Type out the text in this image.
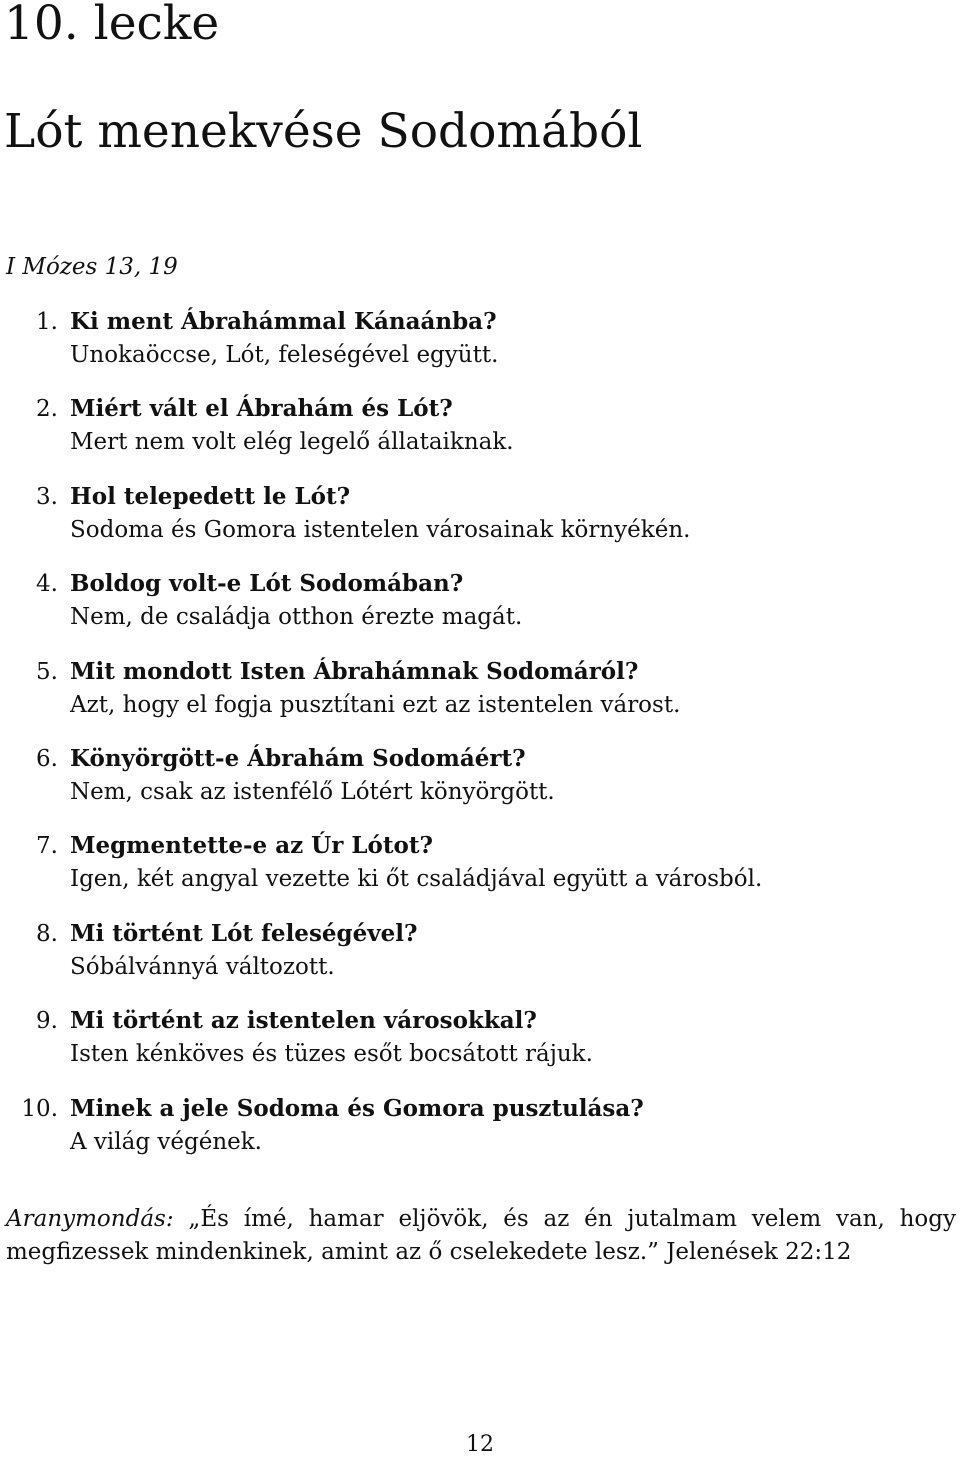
10. lecke
Lót menekvése Sodomából
I Mózes 13, 19
1. Ki ment Ábrahámmal Kánaánba?
Unokaöccse, Lót, feleségével együtt.
2. Miért vált el Ábrahám és Lót?
Mert nem volt elég legelő állataiknak.
3. Hol telepedett le Lót?
Sodoma és Gomora istentelen városainak környékén.
4. Boldog volt-e Lót Sodomában?
Nem, de családja otthon érezte magát.
5. Mit mondott Isten Ábrahámnak Sodomáról?
Azt, hogy el fogja pusztítani ezt az istentelen várost.
6. Könyörgött-e Ábrahám Sodomáért?
Nem, csak az istenfélő Lótért könyörgött.
7. Megmentette-e az Úr Lótot?
Igen, két angyal vezette ki őt családjával együtt a városból.
8. Mi történt Lót feleségével?
Sóbálvánnyá változott.
9. Mi történt az istentelen városokkal?
Isten kénköves és tüzes esőt bocsátott rájuk.
10. Minek a jele Sodoma és Gomora pusztulása?
A világ végének.

Aranymondás: „És ímé, hamar eljövök, és az én jutalmam velem van, hogy megfizessek mindenkinek, amint az ő cselekedete lesz.” Jelenések 22:12

12
